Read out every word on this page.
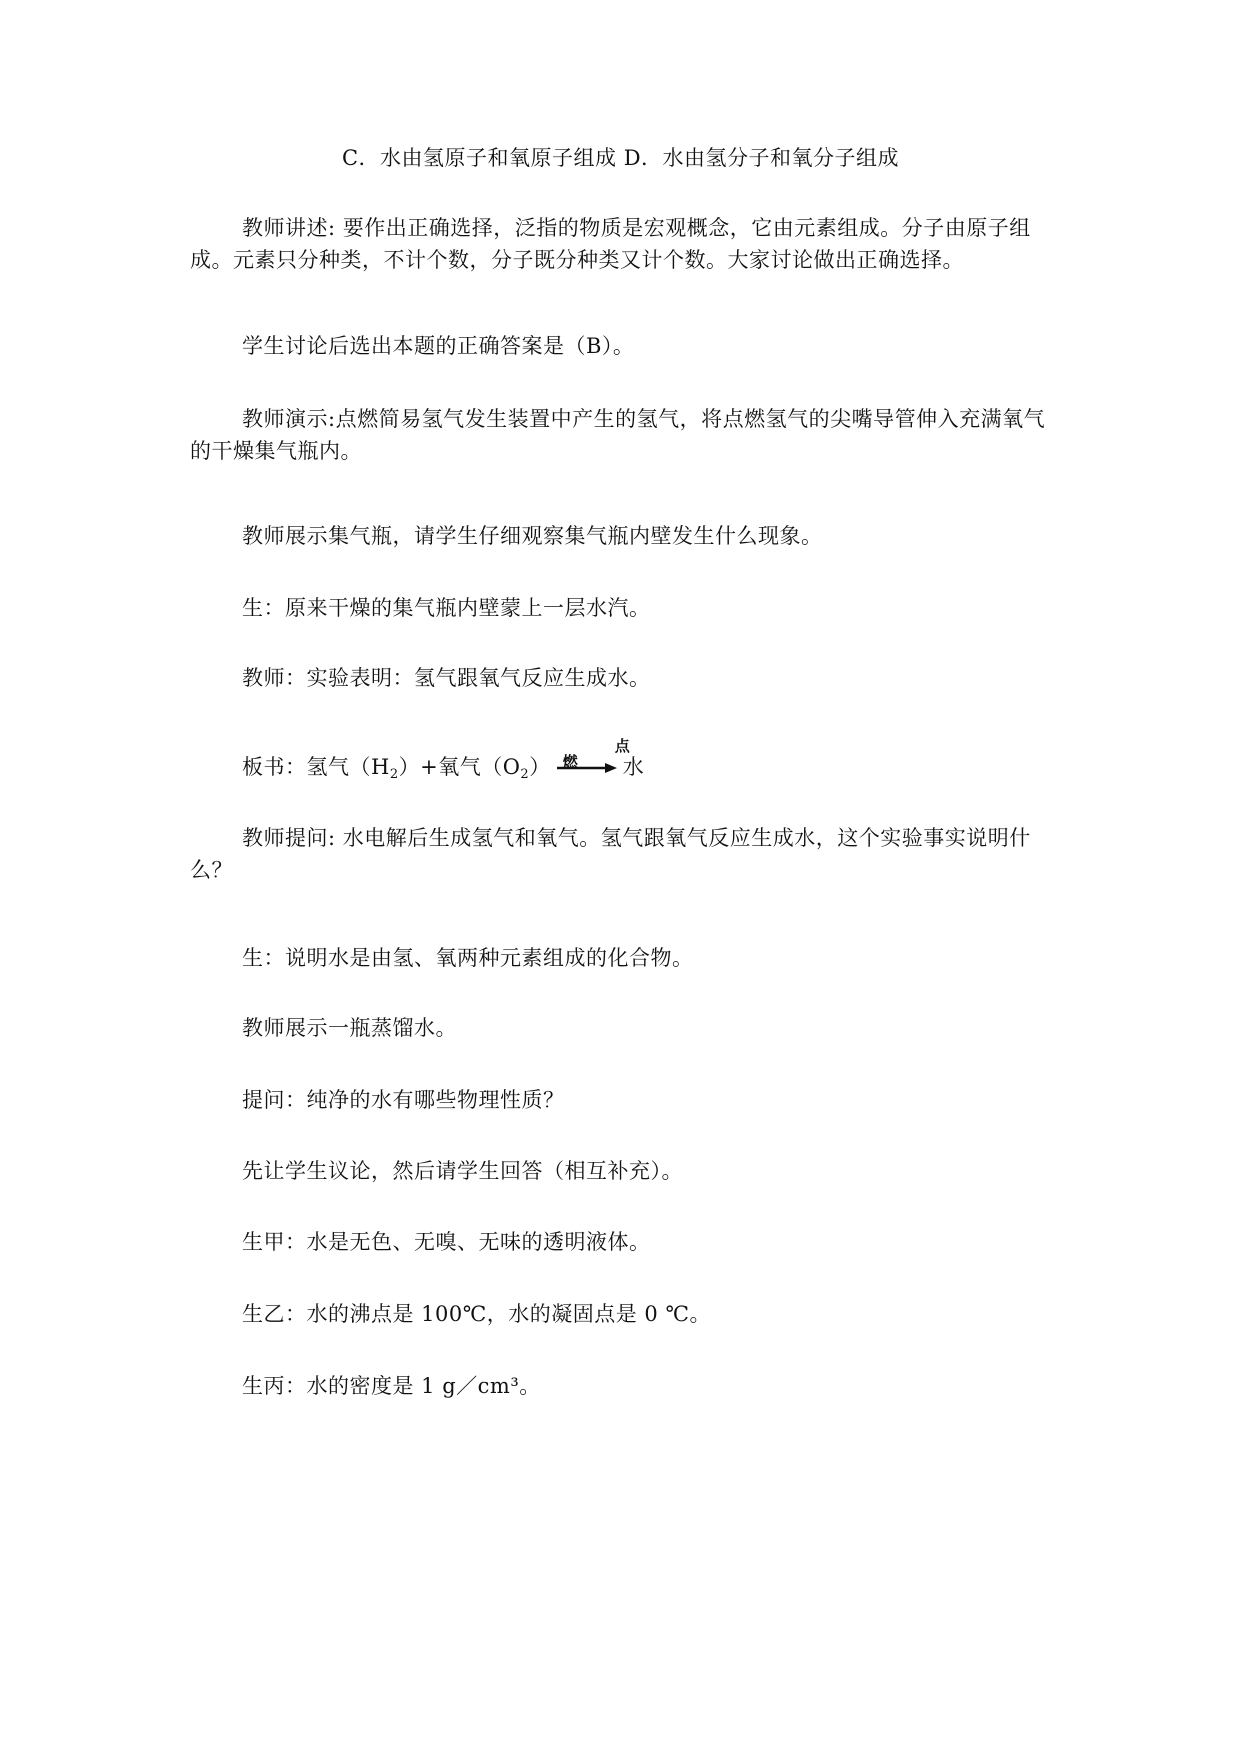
C．水由氢原子和氧原子组成 D．水由氢分子和氧分子组成

教师讲述: 要作出正确选择，泛指的物质是宏观概念，它由元素组成。分子由原子组成。元素只分种类，不计个数，分子既分种类又计个数。大家讨论做出正确选择。

学生讨论后选出本题的正确答案是（B）。

教师演示:点燃简易氢气发生装置中产生的氢气，将点燃氢气的尖嘴导管伸入充满氧气的干燥集气瓶内。

教师展示集气瓶，请学生仔细观察集气瓶内壁发生什么现象。

生：原来干燥的集气瓶内壁蒙上一层水汽。

教师：实验表明：氢气跟氧气反应生成水。

板书：氢气$(H_2)+$氧气$(O_2)$
点燃	水

教师提问: 水电解后生成氢气和氧气。氢气跟氧气反应生成水，这个实验事实说明什么？

生：说明水是由氢、氧两种元素组成的化合物。

教师展示一瓶蒸馏水。

提问：纯净的水有哪些物理性质？

先让学生议论，然后请学生回答（相互补充）。

生甲：水是无色、无嗅、无味的透明液体。

生乙：水的沸点是 100℃，水的凝固点是 0 ℃。

生丙：水的密度是 1 g／cm³。
